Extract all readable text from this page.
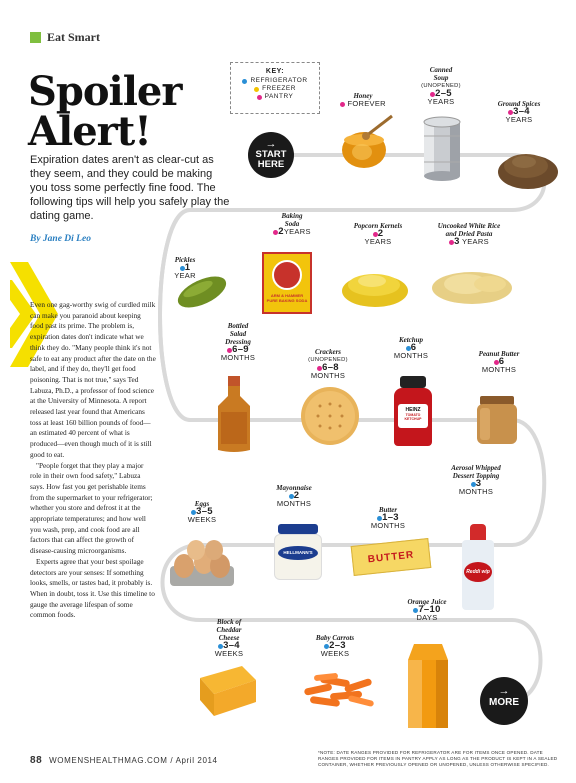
Eat Smart
Spoiler
Alert!
Expiration dates aren't as clear-cut as they seem, and they could be making you toss some perfectly fine food. The following tips will help you safely play the dating game.
By Jane Di Leo

Even one gag-worthy swig of curdled milk can make you paranoid about keeping food past its prime. The problem is, expiration dates don't indicate what we think they do. "Many people think it's not safe to eat any product after the date on the label, and if they do, they'll get food poisoning. That is not true," says Ted Labuza, Ph.D., a professor of food science at the University of Minnesota. A report released last year found that Americans toss at least 160 billion pounds of food—an estimated 40 percent of what is produced—even though much of it is still good to eat.

"People forget that they play a major role in their own food safety," Labuza says. How fast you get perishable items from the supermarket to your refrigerator; whether you store and defrost it at the appropriate temperatures; and how well you wash, prep, and cook food are all factors that can affect the growth of disease-causing microorganisms.

Experts agree that your best spoilage detectors are your senses: If something looks, smells, or tastes bad, it probably is. When in doubt, toss it. Use this timeline to gauge the average lifespan of some common foods.

KEY:
REFRIGERATOR
FREEZER
PANTRY
→
START
HERE
→
MORE
Honey
FOREVER
Canned Soup
(UNOPENED)
2–5
YEARS	Ground Spices
3–4
YEARS
Baking Soda
2YEARS
Popcorn Kernels
2
YEARS
Uncooked White Rice and Dried Pasta
3 YEARS
Pickles
1
YEAR
Bottled Salad Dressing
6–9
MONTHS
Crackers
(UNOPENED)
6–8
MONTHS
Ketchup
6
MONTHS	Peanut Butter
6
MONTHS
Eggs
3–5
WEEKS
Mayonnaise
2
MONTHS
Butter
1–3
MONTHS
Aerosol Whipped Dessert Topping
3
MONTHS
Block of Cheddar Cheese
3–4
WEEKS
Baby Carrots
2–3
WEEKS
Orange Juice
7–10
DAYS
ARM & HAMMER
PURE BAKING SODA
HEINZ
TOMATO KETCHUP
HELLMANN'S	BUTTER
Reddi wip
88 WOMENSHEALTHMAG.COM / April 2014
*NOTE: DATE RANGES PROVIDED FOR REFRIGERATOR ARE FOR ITEMS ONCE OPENED. DATE RANGES PROVIDED FOR ITEMS IN PANTRY APPLY AS LONG AS THE PRODUCT IS KEPT IN A SEALED CONTAINER, WHETHER PREVIOUSLY OPENED OR UNOPENED, UNLESS OTHERWISE SPECIFIED.
